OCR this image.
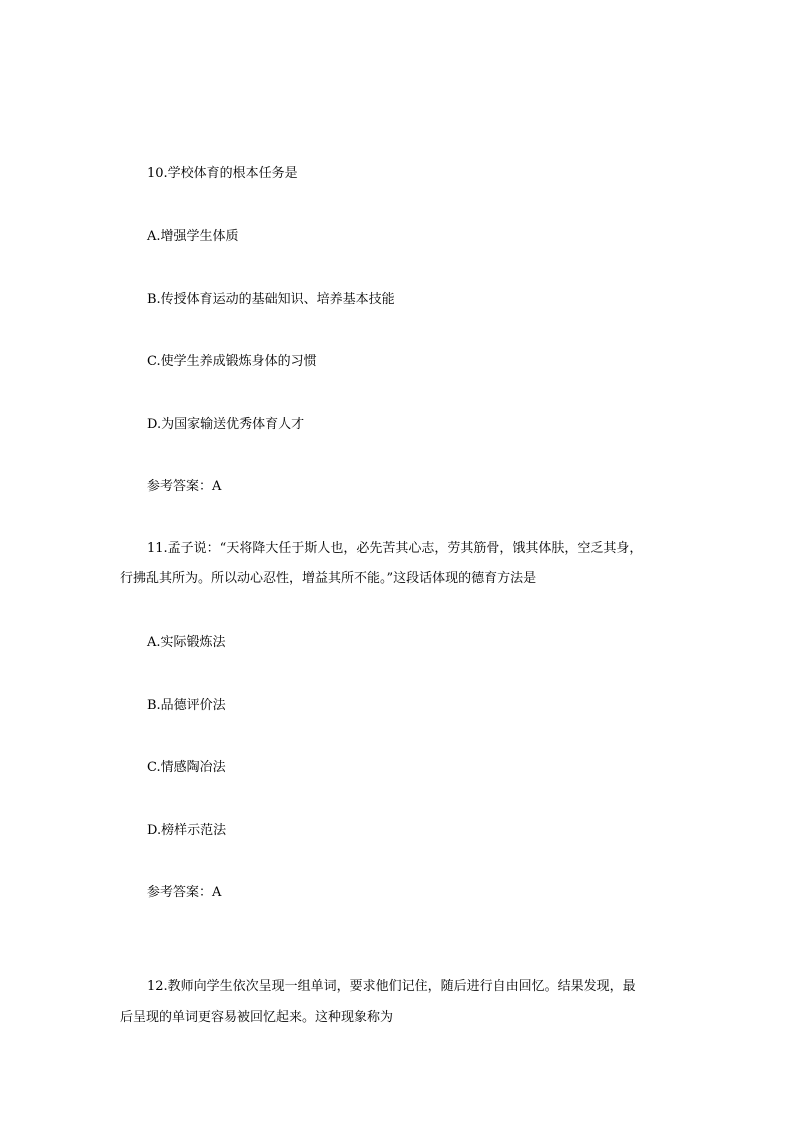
10.学校体育的根本任务是
A.增强学生体质
B.传授体育运动的基础知识、培养基本技能
C.使学生养成锻炼身体的习惯
D.为国家输送优秀体育人才
参考答案：A
11.孟子说：“天将降大任于斯人也，必先苦其心志，劳其筋骨，饿其体肤，空乏其身，
行拂乱其所为。所以动心忍性，增益其所不能。”这段话体现的德育方法是
A.实际锻炼法
B.品德评价法
C.情感陶冶法
D.榜样示范法
参考答案：A
12.教师向学生依次呈现一组单词，要求他们记住，随后进行自由回忆。结果发现，最
后呈现的单词更容易被回忆起来。这种现象称为
